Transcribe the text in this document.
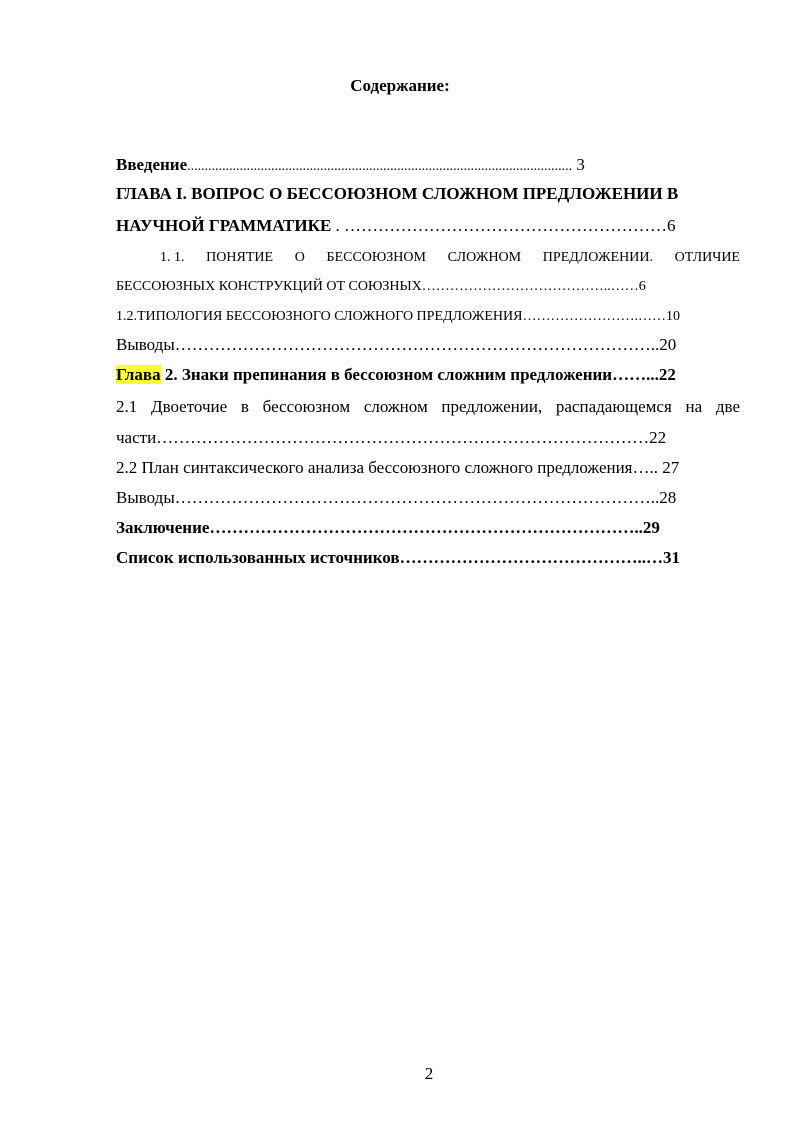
Содержание:
Введение.............................................................................................................. 3
ГЛАВА I. ВОПРОС О БЕССОЮЗНОМ СЛОЖНОМ ПРЕДЛОЖЕНИИ В
НАУЧНОЙ ГРАММАТИКЕ . …………………………………………………6
1. 1. ПОНЯТИЕ О БЕССОЮЗНОМ СЛОЖНОМ ПРЕДЛОЖЕНИИ. ОТЛИЧИЕ
БЕССОЮЗНЫХ КОНСТРУКЦИЙ ОТ СОЮЗНЫХ…………………………………..……6
1.2.ТИПОЛОГИЯ БЕССОЮЗНОГО СЛОЖНОГО ПРЕДЛОЖЕНИЯ…………………….……10
Выводы…………………………………………………………………………..20
Глава 2. Знаки препинания в бессоюзном сложним предложении……...22
2.1 Двоеточие в бессоюзном сложном предложении, распадающемся на две
части……………………………………………………………………………22
2.2 План синтаксического анализа бессоюзного сложного предложения….. 27
Выводы…………………………………………………………………………..28
Заключение…………………………………………………………………..29
Список использованных источников……………………………………..…31
2
